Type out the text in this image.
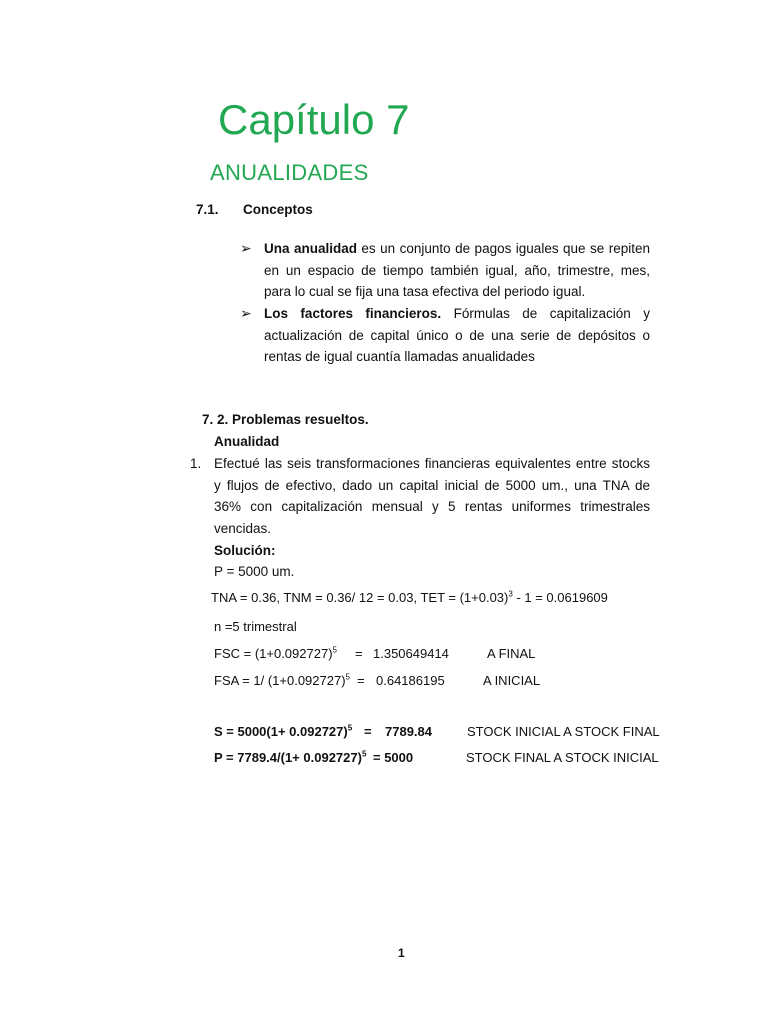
Capítulo 7
ANUALIDADES
7.1. Conceptos
➢ Una anualidad es un conjunto de pagos iguales que se repiten
en un espacio de tiempo también igual, año, trimestre, mes,
para lo cual se fija una tasa efectiva del periodo igual.
➢ Los factores financieros. Fórmulas de capitalización y
actualización de capital único o de una serie de depósitos o
rentas de igual cuantía llamadas anualidades
7. 2. Problemas resueltos.
Anualidad
1. Efectué las seis transformaciones financieras equivalentes entre stocks
y flujos de efectivo, dado un capital inicial de 5000 um., una TNA de
36% con capitalización mensual y 5 rentas uniformes trimestrales
vencidas.
Solución:
P = 5000 um.
TNA = 0.36, TNM = 0.36/ 12 = 0.03, TET = $(1+0.03)^3 - 1 = 0.0619609$
n =5 trimestral
FSC = $(1+0.092727)^5 = 1.350649414$	A FINAL
FSA = 1/ $(1+0.092727)^5 = 0.64186195$	A INICIAL
$S = 5000(1+ 0.092727)^5 = 7789.84$	STOCK INICIAL A STOCK FINAL
$P = 7789.4/(1+ 0.092727)^5 = 5000$	STOCK FINAL A STOCK INICIAL
1
